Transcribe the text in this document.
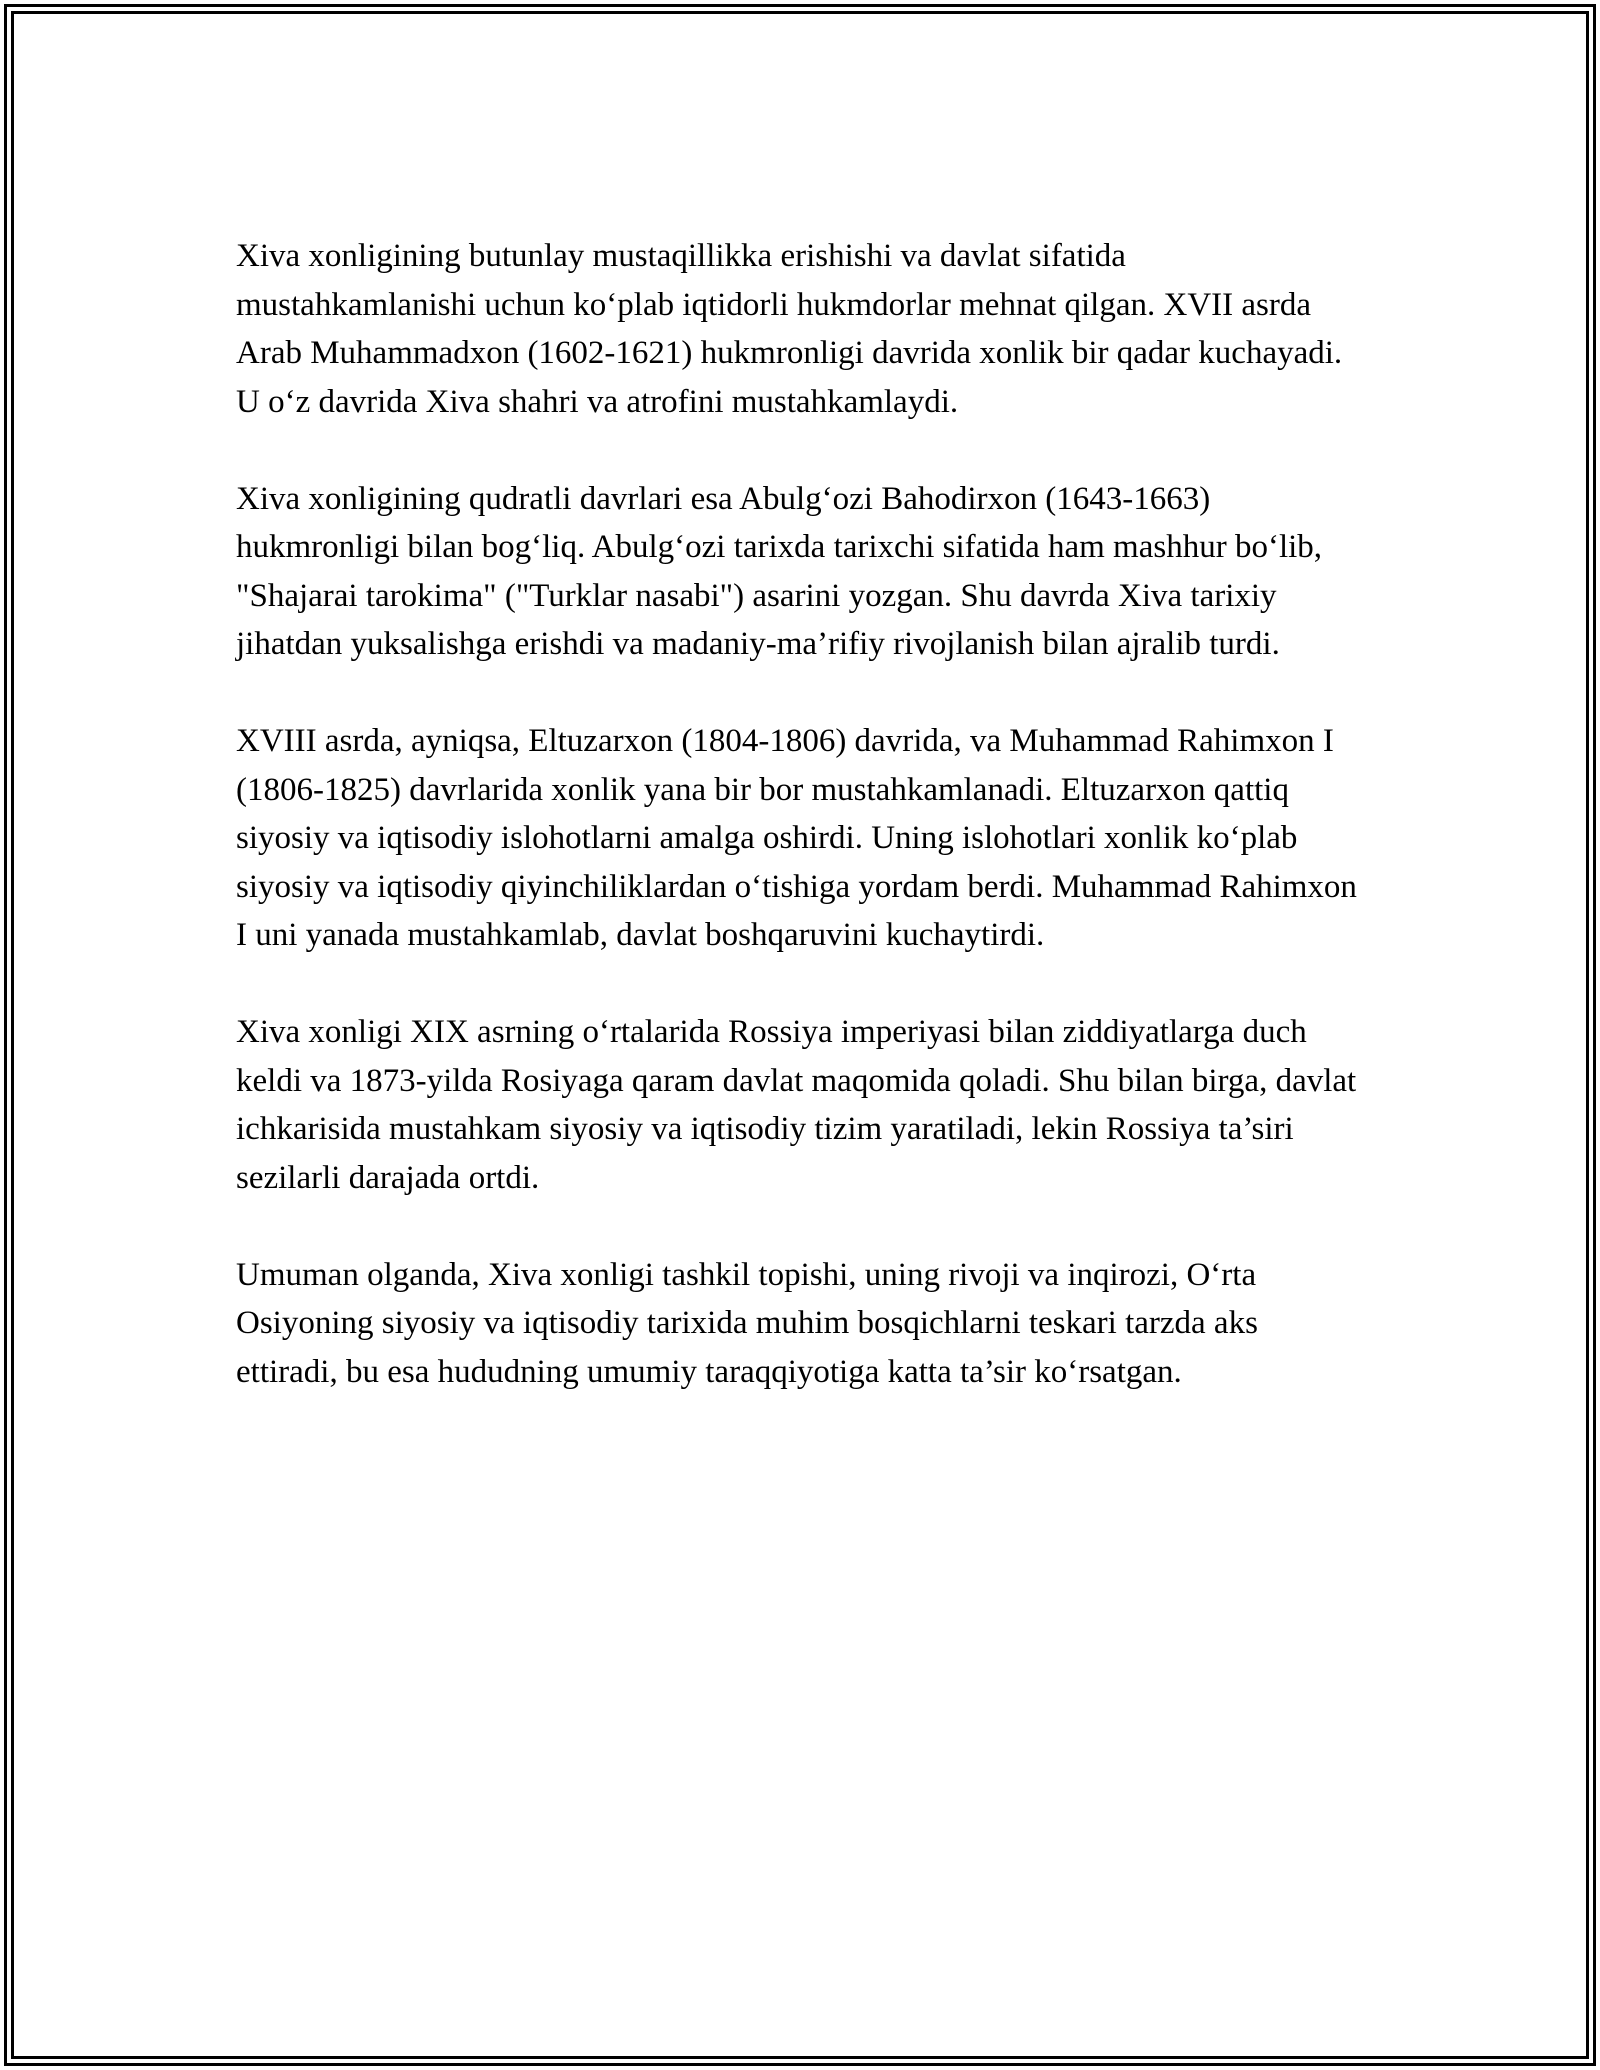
Xiva xonligining butunlay mustaqillikka erishishi va davlat sifatida mustahkamlanishi uchun ko‘plab iqtidorli hukmdorlar mehnat qilgan. XVII asrda Arab Muhammadxon (1602-1621) hukmronligi davrida xonlik bir qadar kuchayadi. U o‘z davrida Xiva shahri va atrofini mustahkamlaydi.

Xiva xonligining qudratli davrlari esa Abulg‘ozi Bahodirxon (1643-1663) hukmronligi bilan bog‘liq. Abulg‘ozi tarixda tarixchi sifatida ham mashhur bo‘lib, "Shajarai tarokima" ("Turklar nasabi") asarini yozgan. Shu davrda Xiva tarixiy jihatdan yuksalishga erishdi va madaniy-ma’rifiy rivojlanish bilan ajralib turdi.

XVIII asrda, ayniqsa, Eltuzarxon (1804-1806) davrida, va Muhammad Rahimxon I (1806-1825) davrlarida xonlik yana bir bor mustahkamlanadi. Eltuzarxon qattiq siyosiy va iqtisodiy islohotlarni amalga oshirdi. Uning islohotlari xonlik ko‘plab siyosiy va iqtisodiy qiyinchiliklardan o‘tishiga yordam berdi. Muhammad Rahimxon I uni yanada mustahkamlab, davlat boshqaruvini kuchaytirdi.

Xiva xonligi XIX asrning o‘rtalarida Rossiya imperiyasi bilan ziddiyatlarga duch keldi va 1873-yilda Rosiyaga qaram davlat maqomida qoladi. Shu bilan birga, davlat ichkarisida mustahkam siyosiy va iqtisodiy tizim yaratiladi, lekin Rossiya ta’siri sezilarli darajada ortdi.

Umuman olganda, Xiva xonligi tashkil topishi, uning rivoji va inqirozi, O‘rta Osiyoning siyosiy va iqtisodiy tarixida muhim bosqichlarni teskari tarzda aks ettiradi, bu esa hududning umumiy taraqqiyotiga katta ta’sir ko‘rsatgan.
